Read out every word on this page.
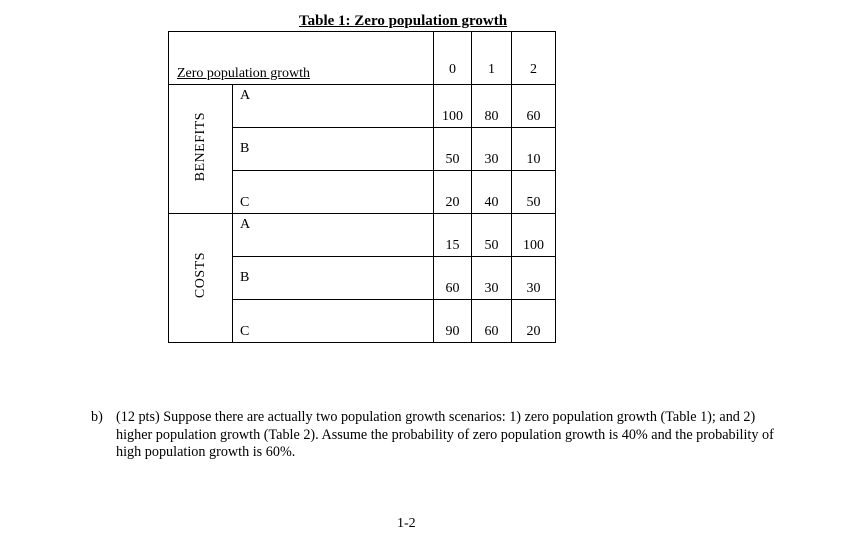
Table 1: Zero population growth
Zero population growth		0	1	2
BENEFITS	A	100	80	60
	B	50	30	10
	C	20	40	50
COSTS	A	15	50	100
	B	60	30	30
	C	90	60	20
b) (12 pts) Suppose there are actually two population growth scenarios: 1) zero population growth (Table 1); and 2) higher population growth (Table 2). Assume the probability of zero population growth is 40% and the probability of high population growth is 60%.
1-2
